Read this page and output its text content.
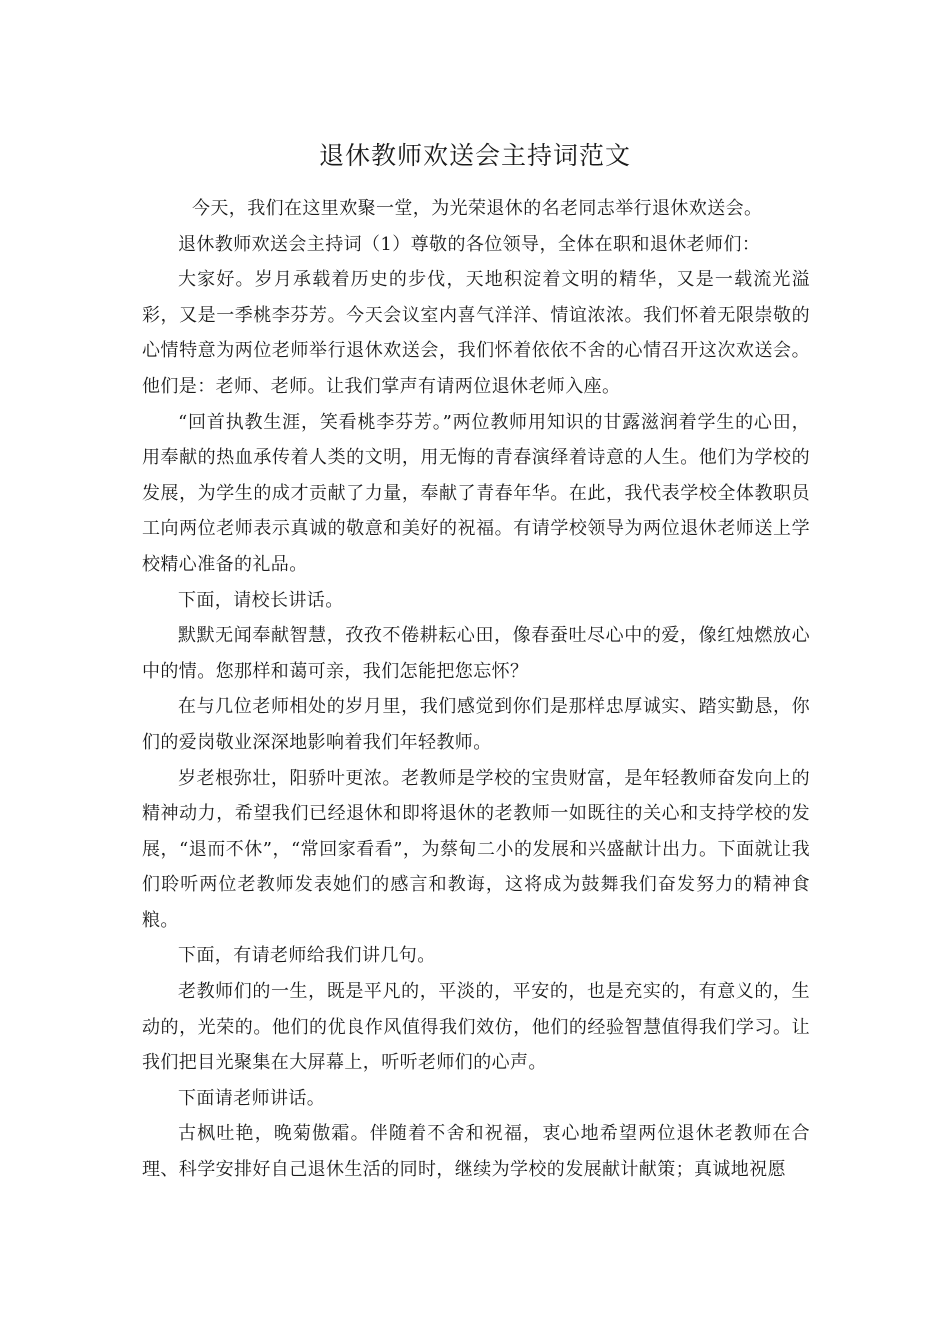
退休教师欢送会主持词范文

今天，我们在这里欢聚一堂，为光荣退休的名老同志举行退休欢送会。

退休教师欢送会主持词（1）尊敬的各位领导，全体在职和退休老师们：

大家好。岁月承载着历史的步伐，天地积淀着文明的精华，又是一载流光溢彩，又是一季桃李芬芳。今天会议室内喜气洋洋、情谊浓浓。我们怀着无限崇敬的心情特意为两位老师举行退休欢送会，我们怀着依依不舍的心情召开这次欢送会。他们是：老师、老师。让我们掌声有请两位退休老师入座。

“回首执教生涯，笑看桃李芬芳。”两位教师用知识的甘露滋润着学生的心田，用奉献的热血承传着人类的文明，用无悔的青春演绎着诗意的人生。他们为学校的发展，为学生的成才贡献了力量，奉献了青春年华。在此，我代表学校全体教职员工向两位老师表示真诚的敬意和美好的祝福。有请学校领导为两位退休老师送上学校精心准备的礼品。

下面，请校长讲话。

默默无闻奉献智慧，孜孜不倦耕耘心田，像春蚕吐尽心中的爱，像红烛燃放心中的情。您那样和蔼可亲，我们怎能把您忘怀？

在与几位老师相处的岁月里，我们感觉到你们是那样忠厚诚实、踏实勤恳，你们的爱岗敬业深深地影响着我们年轻教师。

岁老根弥壮，阳骄叶更浓。老教师是学校的宝贵财富，是年轻教师奋发向上的精神动力，希望我们已经退休和即将退休的老教师一如既往的关心和支持学校的发展，“退而不休”，“常回家看看”，为蔡甸二小的发展和兴盛献计出力。下面就让我们聆听两位老教师发表她们的感言和教诲，这将成为鼓舞我们奋发努力的精神食粮。

下面，有请老师给我们讲几句。

老教师们的一生，既是平凡的，平淡的，平安的，也是充实的，有意义的，生动的，光荣的。他们的优良作风值得我们效仿，他们的经验智慧值得我们学习。让我们把目光聚集在大屏幕上，听听老师们的心声。

下面请老师讲话。

古枫吐艳，晚菊傲霜。伴随着不舍和祝福，衷心地希望两位退休老教师在合理、科学安排好自己退休生活的同时，继续为学校的发展献计献策；真诚地祝愿
